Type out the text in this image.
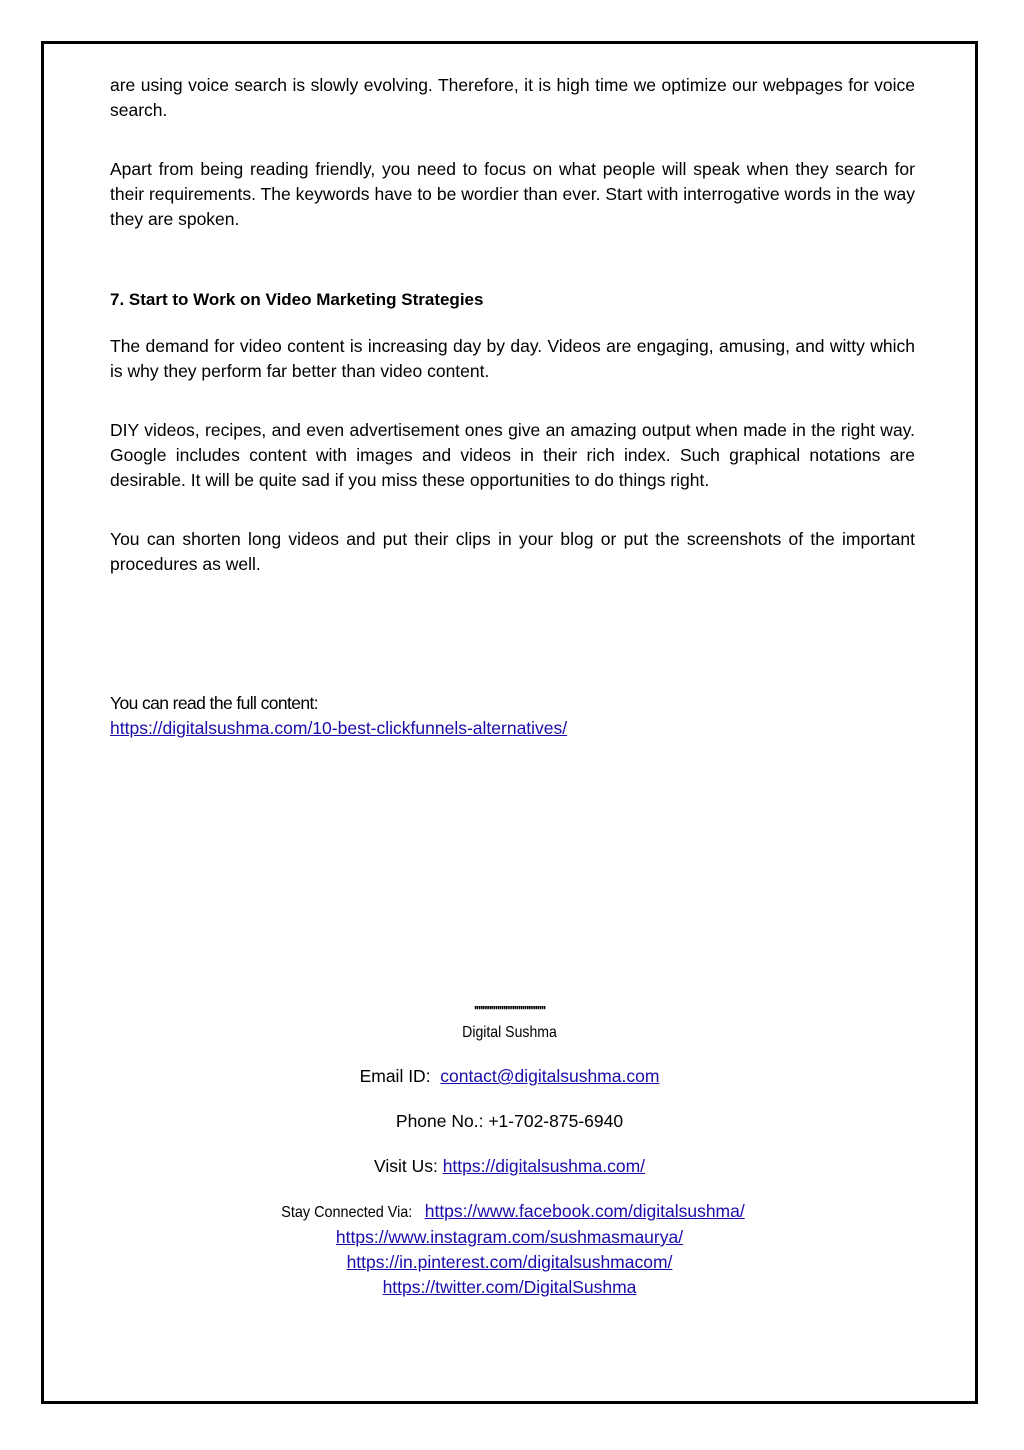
are using voice search is slowly evolving. Therefore, it is high time we optimize our webpages for voice search.

Apart from being reading friendly, you need to focus on what people will speak when they search for their requirements. The keywords have to be wordier than ever. Start with interrogative words in the way they are spoken.

7. Start to Work on Video Marketing Strategies

The demand for video content is increasing day by day. Videos are engaging, amusing, and witty which is why they perform far better than video content.

DIY videos, recipes, and even advertisement ones give an amazing output when made in the right way. Google includes content with images and videos in their rich index. Such graphical notations are desirable. It will be quite sad if you miss these opportunities to do things right.

You can shorten long videos and put their clips in your blog or put the screenshots of the important procedures as well.

You can read the full content:
https://digitalsushma.com/10-best-clickfunnels-alternatives/
''''''''''''''''''''''''''''''''''
Digital Sushma
Email ID: contact@digitalsushma.com
Phone No.: +1-702-875-6940
Visit Us: https://digitalsushma.com/
Stay Connected Via: https://www.facebook.com/digitalsushma/
https://www.instagram.com/sushmasmaurya/
https://in.pinterest.com/digitalsushmacom/
https://twitter.com/DigitalSushma
